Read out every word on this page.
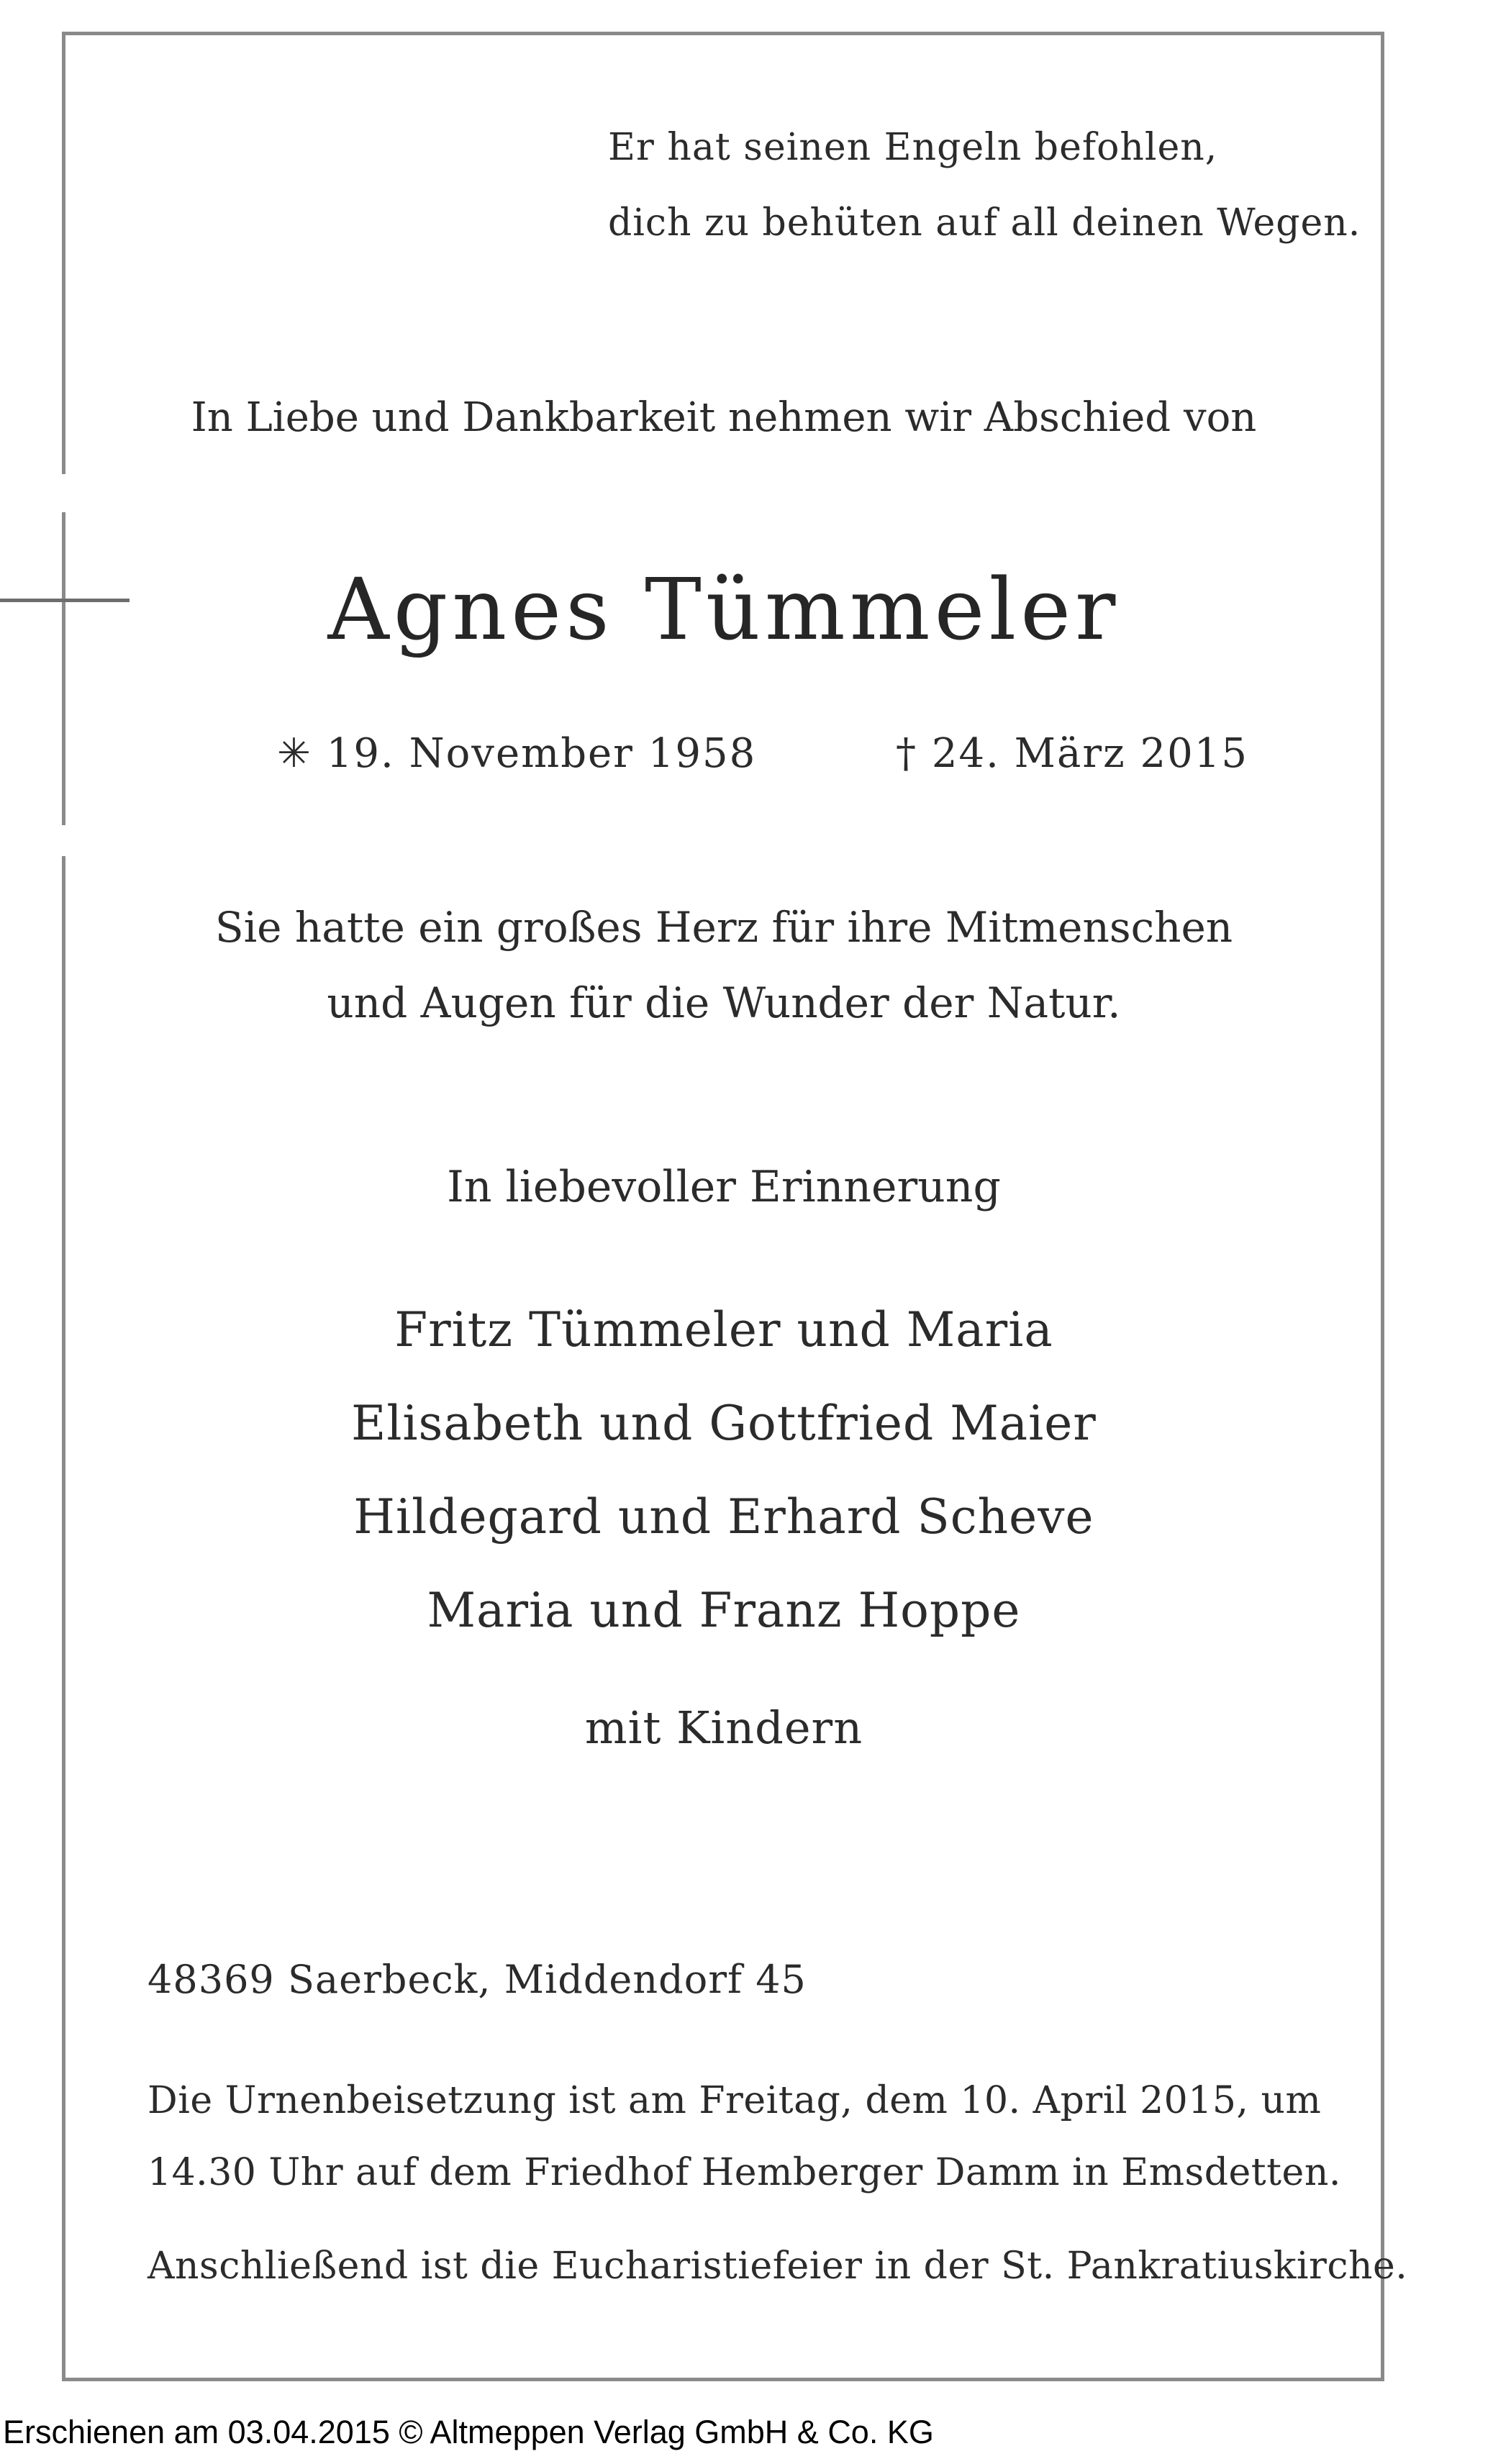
Er hat seinen Engeln befohlen,
dich zu behüten auf all deinen Wegen.
In Liebe und Dankbarkeit nehmen wir Abschied von
Agnes Tümmeler
✳ 19. November 1958	† 24. März 2015
Sie hatte ein großes Herz für ihre Mitmenschen
und Augen für die Wunder der Natur.
In liebevoller Erinnerung
Fritz Tümmeler und Maria
Elisabeth und Gottfried Maier
Hildegard und Erhard Scheve
Maria und Franz Hoppe
mit Kindern
48369 Saerbeck, Middendorf 45
Die Urnenbeisetzung ist am Freitag, dem 10. April 2015, um
14.30 Uhr auf dem Friedhof Hemberger Damm in Emsdetten.
Anschließend ist die Eucharistiefeier in der St. Pankratiuskirche.
Erschienen am 03.04.2015 © Altmeppen Verlag GmbH & Co. KG
